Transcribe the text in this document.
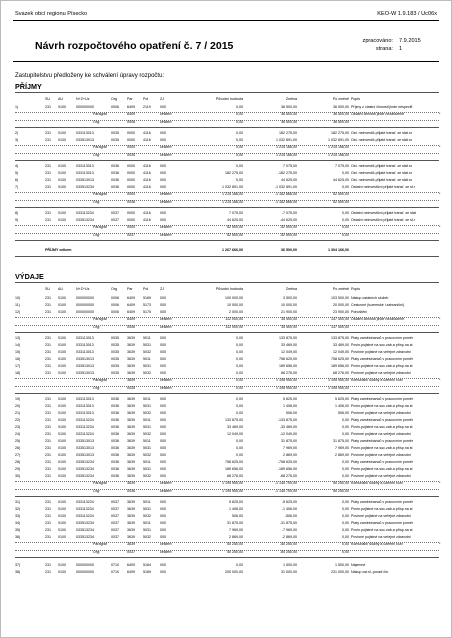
Svazek obcí regionu Písecko	KEO-W 1.9.183 / Uc06x
Návrh rozpočtového opatření č. 7 / 2015	zpracováno: 7.9.2015
strana: 1
Zastupitelstvu předloženy ke schválení úpravy rozpočtu:
PŘÍJMY
SU AU	N+Z+Uz	Org	Par	Pol	ZJ	Původní hodnota	Změna	Po změně Popis
1)	231 0100	000000000	0006 6409 2119	000	0,00	36 500,00	36 500,00 Příjmy z vlastní činnosti jinde nespecifi
Paragraf	6409	celkem:	0,00	36 500,00	36 500,00 Ostatní činnosti jinde nezařazené	*
Org:	0006	celkem:	0,00	36 500,00	36 500,00
2)	231 0100	033113013	0035 0000 4116	000	0,00	182 275,00	182 275,00 Ost. neinvestič.přijaté transf. ze stát.ro
3)	231 0100	033513013	0035 0000 4116	000	0,00	1 032 891,00	1 032 891,00 Ost. neinvestič.přijaté transf. ze stát.ro
Paragraf	0000	celkem:	0,00	1 215 166,00	1 215 166,00	*
Org:	0035	celkem:	0,00	1 215 166,00	1 215 166,00
4)	231 0100	033113013	0036 0000 4116	000	0,00	7 075,00	7 075,00 Ost. neinvestič.přijaté transf. ze stát.ro
5)	231 0100	033113013	0036 0000 4116	000	182 275,00	-182 275,00	0,00 Ost. neinvestič.přijaté transf. ze stát.ro
6)	231 0100	033513013	0036 0000 4116	000	0,00	44 625,00	44 625,00 Ost. neinvestič.přijaté transf. ze stát.ro
7)	231 0100	033513234	0036 0000 4116	000	1 032 891,00	-1 032 891,00	0,00 Ostatní neinvestiční přijaté transf. ze st.r
Paragraf	0000	celkem:	1 215 166,00	-1 162 666,00	52 500,00	*
Org:	0036	celkem:	1 215 166,00	-1 162 666,00	52 500,00
8)	231 0100	033113234	0037 0000 4116	000	7 075,00	-7 075,00	0,00 Ostatní neinvestiční přijaté transf. ze stát
9)	231 0100	033513234	0037 0000 4116	000	44 625,00	-44 625,00	0,00 Ostatní neinvestiční přijaté transf. ze st.r
Paragraf	0000	celkem:	52 500,00	-52 500,00	0,00	*
Org:	0037	celkem:	52 500,00	-52 500,00	0,00
PŘÍJMY celkem	1 267 666,00	36 500,00	1 304 166,00
VÝDAJE
SU AU	N+Z+Uz	Org	Par	Pol	ZJ	Původní hodnota	Změna	Po změně Popis
10)	231 0100	000000000	0006 6409 5169	000	100 000,00	3 500,00	103 500,00 Nákup ostatních služeb
11)	231 0100	000000000	0006 6409 5173	000	10 000,00	10 000,00	20 000,00 Cestovné (tuzemské i zahraniční)
12)	231 0100	000000000	0006 6409 5175	000	2 000,00	21 900,00	23 900,00 Pohoštění
Paragraf	6409	celkem:	112 000,00	35 400,00	147 400,00 Ostatní činnosti jinde nezařazené	*
Org:	0006	celkem:	112 000,00	35 400,00	147 400,00
13)	231 0100	033113013	0035 3639 5011	000	0,00	133 875,00	133 875,00 Platy zaměstnanců v pracovním poměr
14)	231 0100	033113013	0035 3639 5031	000	0,00	33 469,00	33 469,00 Povin.pojistné na soc.zab.a přísp.na st
15)	231 0100	033113013	0035 3639 5032	000	0,00	12 049,00	12 049,00 Povinné pojistné na veřejné zdravotní
16)	231 0100	033513013	0035 3639 5011	000	0,00	758 625,00	758 625,00 Platy zaměstnanců v pracovním poměr
17)	231 0100	033513013	0035 3639 5031	000	0,00	189 656,00	189 656,00 Povin.pojistné na soc.zab.a přísp.na st
18)	231 0100	033513013	0035 3639 5032	000	0,00	68 276,00	68 276,00 Povinné pojistné na veřejné zdravotní
Paragraf	3639	celkem:	0,00	1 195 950,00	1 195 950,00 Komunální služby a územní rozv	*
Org:	0035	celkem:	0,00	1 195 950,00	1 195 950,00
19)	231 0100	033113013	0036 3639 5011	000	0,00	5 625,00	5 625,00 Platy zaměstnanců v pracovním poměr
20)	231 0100	033113013	0036 3639 5031	000	0,00	1 406,00	1 406,00 Povin.pojistné na soc.zab.a přísp.na st
21)	231 0100	033113013	0036 3639 5032	000	0,00	506,00	506,00 Povinné pojistné na veřejné zdravotní
22)	231 0100	033113234	0036 3639 5011	000	133 875,00	-133 875,00	0,00 Platy zaměstnanců v pracovním poměr
23)	231 0100	033113234	0036 3639 5031	000	33 469,00	-33 469,00	0,00 Povin.pojistné na soc.zab.a přísp.na st
24)	231 0100	033113234	0036 3639 5032	000	12 049,00	-12 049,00	0,00 Povinné pojistné na veřejné zdravotní
25)	231 0100	033513013	0036 3639 5011	000	0,00	31 875,00	31 875,00 Platy zaměstnanců v pracovním poměr
26)	231 0100	033513013	0036 3639 5031	000	0,00	7 969,00	7 969,00 Povin.pojistné na soc.zab.a přísp.na st
27)	231 0100	033513013	0036 3639 5032	000	0,00	2 869,00	2 869,00 Povinné pojistné na veřejné zdravotní
28)	231 0100	033513234	0036 3639 5011	000	758 625,00	-758 625,00	0,00 Platy zaměstnanců v pracovním poměr
29)	231 0100	033513234	0036 3639 5031	000	189 656,00	-189 656,00	0,00 Povin.pojistné na soc.zab.a přísp.na st
30)	231 0100	033513234	0036 3639 5032	000	68 276,00	-68 276,00	0,00 Povinné pojistné na veřejné zdravotní
Paragraf	3639	celkem:	1 195 950,00	-1 145 700,00	50 250,00 Komunální služby a územní rozv	*
Org:	0036	celkem:	1 195 950,00	-1 145 700,00	50 250,00
31)	231 0100	033113234	0037 3639 5011	000	5 625,00	-5 625,00	0,00 Platy zaměstnanců v pracovním poměr
32)	231 0100	033113234	0037 3639 5031	000	1 406,00	-1 406,00	0,00 Povin.pojistné na soc.zab.a přísp.na st
33)	231 0100	033113234	0037 3639 5032	000	506,00	-506,00	0,00 Povinné pojistné na veřejné zdravotní
34)	231 0100	033513234	0037 3639 5011	000	31 875,00	-31 875,00	0,00 Platy zaměstnanců v pracovním poměr
35)	231 0100	033513234	0037 3639 5031	000	7 969,00	-7 969,00	0,00 Povin.pojistné na soc.zab.a přísp.na st
36)	231 0100	033513234	0037 3639 5032	000	2 869,00	-2 869,00	0,00 Povinné pojistné na veřejné zdravotní
Paragraf	3639	celkem:	50 250,00	-50 250,00	0,00 Komunální služby a územní rozv	*
Org:	0037	celkem:	50 250,00	-50 250,00	0,00
37)	231 0100	000000000	0710 6409 5164	000	0,00	1 500,00	1 500,00 Nájemné
38)	231 0100	000000000	0710 6409 5169	000	200 000,00	31 000,00	231 000,00 Nákup ost.sl.-poraď.čin.
